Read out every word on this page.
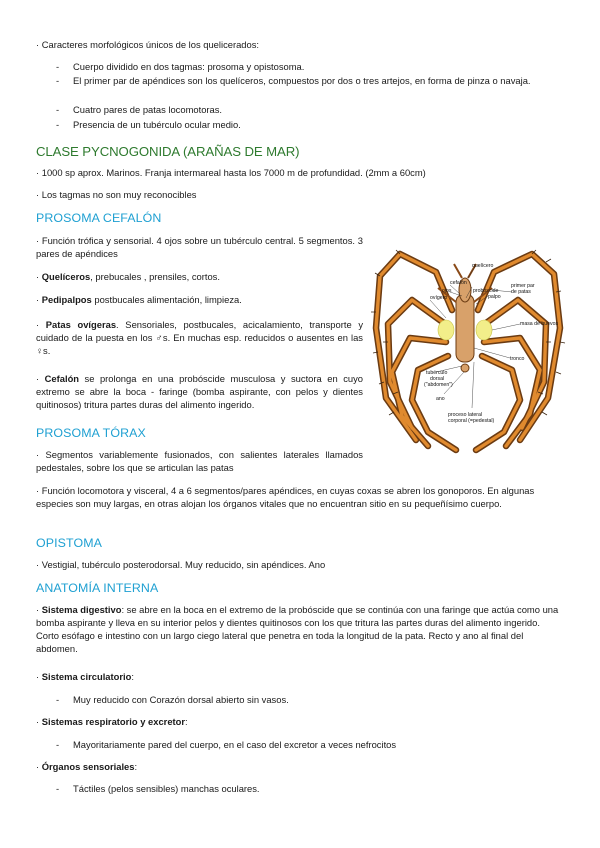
· Caracteres morfológicos únicos de los quelicerados:
- Cuerpo dividido en dos tagmas: prosoma y opistosoma.
- El primer par de apéndices son los quelíceros, compuestos por dos o tres artejos, en forma de pinza o navaja.
- Cuatro pares de patas locomotoras.
- Presencia de un tubérculo ocular medio.
CLASE PYCNOGONIDA (ARAÑAS DE MAR)
· 1000 sp aprox. Marinos. Franja intermareal hasta los 7000 m de profundidad. (2mm a 60cm)
· Los tagmas no son muy reconocibles
PROSOMA CEFALÓN
· Función trófica y sensorial. 4 ojos sobre un tubérculo central. 5 segmentos. 3 pares de apéndices
· Quelíceros, prebucales , prensiles, cortos.
· Pedipalpos postbucales alimentación, limpieza.
· Patas ovígeras. Sensoriales, postbucales, acicalamiento, transporte y cuidado de la puesta en los ♂s. En muchas esp. reducidos o ausentes en las ♀s.
· Cefalón se prolonga en una probóscide musculosa y suctora en cuyo extremo se abre la boca - faringe (bomba aspirante, con pelos y dientes quitinosos) tritura partes duras del alimento ingerido.
quelícero
cefalón
ojos	probóscide
palpo
primer par
de patas
ovígero
masa de huevos
tronco
tubérculo
dorsal
("abdomen")
ano
proceso lateral
corporal (=pedestal)
PROSOMA TÓRAX
· Segmentos variablemente fusionados, con salientes laterales llamados pedestales, sobre los que se articulan las patas
· Función locomotora y visceral, 4 a 6 segmentos/pares apéndices, en cuyas coxas se abren los gonoporos. En algunas especies son muy largas, en otras alojan los órganos vitales que no encuentran sitio en su pequeñísimo cuerpo.
OPISTOMA
· Vestigial, tubérculo posterodorsal. Muy reducido, sin apéndices. Ano
ANATOMÍA INTERNA
· Sistema digestivo: se abre en la boca en el extremo de la probóscide que se continúa con una faringe que actúa como una bomba aspirante y lleva en su interior pelos y dientes quitinosos con los que tritura las partes duras del alimento ingerido. Corto esófago e intestino con un largo ciego lateral que penetra en toda la longitud de la pata. Recto y ano al final del abdomen.
· Sistema circulatorio:
- Muy reducido con Corazón dorsal abierto sin vasos.
· Sistemas respiratorio y excretor:
- Mayoritariamente pared del cuerpo, en el caso del excretor a veces nefrocitos
· Órganos sensoriales:
- Táctiles (pelos sensibles) manchas oculares.
